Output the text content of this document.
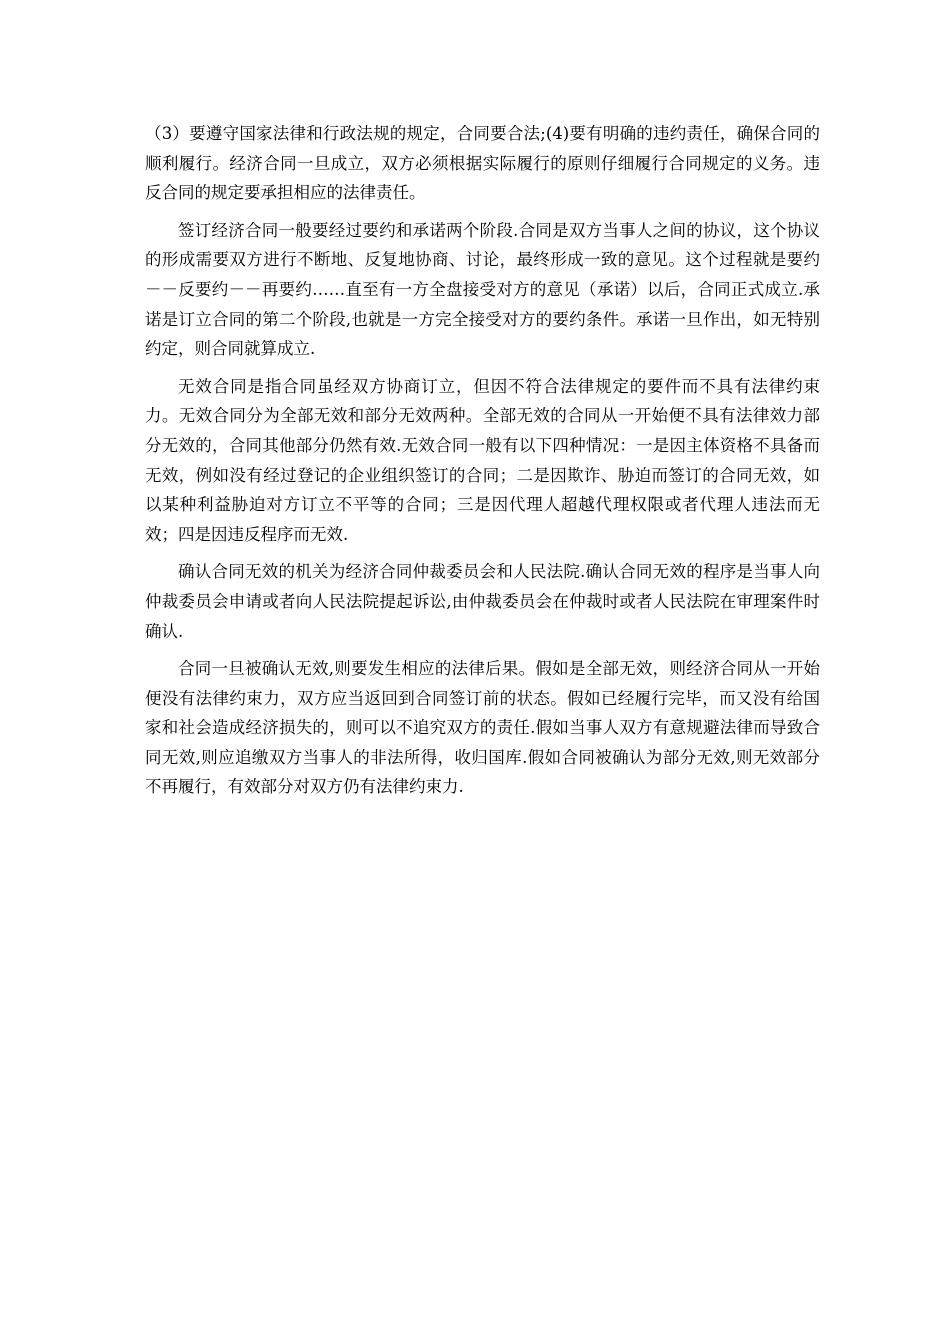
（3）要遵守国家法律和行政法规的规定，合同要合法;(4)要有明确的违约责任，确保合同的顺利履行。经济合同一旦成立，双方必须根据实际履行的原则仔细履行合同规定的义务。违反合同的规定要承担相应的法律责任。

签订经济合同一般要经过要约和承诺两个阶段.合同是双方当事人之间的协议，这个协议的形成需要双方进行不断地、反复地协商、讨论，最终形成一致的意见。这个过程就是要约－－反要约－－再要约……直至有一方全盘接受对方的意见（承诺）以后，合同正式成立.承诺是订立合同的第二个阶段,也就是一方完全接受对方的要约条件。承诺一旦作出，如无特别约定，则合同就算成立.

无效合同是指合同虽经双方协商订立，但因不符合法律规定的要件而不具有法律约束力。无效合同分为全部无效和部分无效两种。全部无效的合同从一开始便不具有法律效力部分无效的，合同其他部分仍然有效.无效合同一般有以下四种情况：一是因主体资格不具备而无效，例如没有经过登记的企业组织签订的合同；二是因欺诈、胁迫而签订的合同无效，如以某种利益胁迫对方订立不平等的合同；三是因代理人超越代理权限或者代理人违法而无效；四是因违反程序而无效.

确认合同无效的机关为经济合同仲裁委员会和人民法院.确认合同无效的程序是当事人向仲裁委员会申请或者向人民法院提起诉讼,由仲裁委员会在仲裁时或者人民法院在审理案件时确认.

合同一旦被确认无效,则要发生相应的法律后果。假如是全部无效，则经济合同从一开始便没有法律约束力，双方应当返回到合同签订前的状态。假如已经履行完毕，而又没有给国家和社会造成经济损失的，则可以不追究双方的责任.假如当事人双方有意规避法律而导致合同无效,则应追缴双方当事人的非法所得，收归国库.假如合同被确认为部分无效,则无效部分不再履行，有效部分对双方仍有法律约束力.
